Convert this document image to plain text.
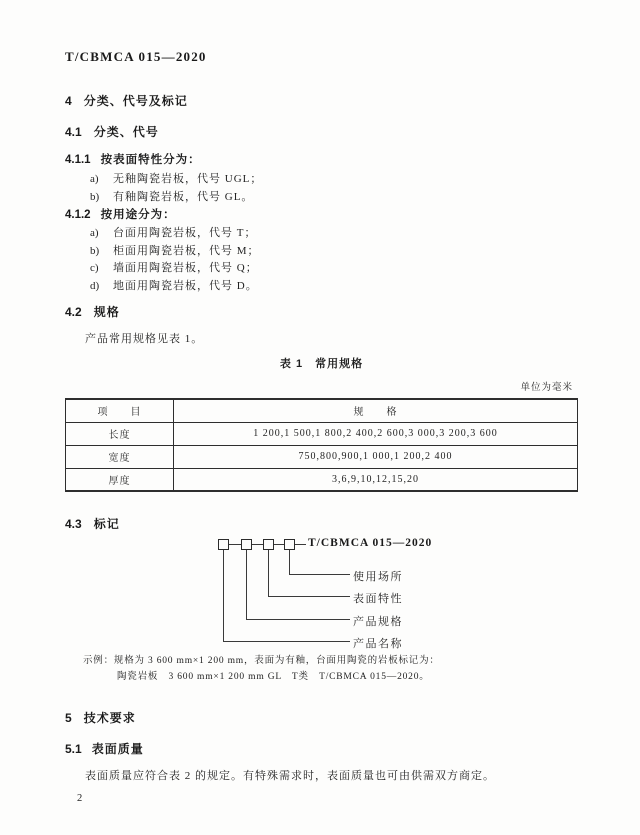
T/CBMCA 015—2020
4 分类、代号及标记
4.1 分类、代号
4.1.1 按表面特性分为：
a) 无釉陶瓷岩板，代号 UGL；
b) 有釉陶瓷岩板，代号 GL。
4.1.2 按用途分为：
a) 台面用陶瓷岩板，代号 T；
b) 柜面用陶瓷岩板，代号 M；
c) 墙面用陶瓷岩板，代号 Q；
d) 地面用陶瓷岩板，代号 D。
4.2 规格
产品常用规格见表 1。
表 1　常用规格
单位为毫米
项　　目	规　　格
长度	1 200,1 500,1 800,2 400,2 600,3 000,3 200,3 600
宽度	750,800,900,1 000,1 200,2 400
厚度	3,6,9,10,12,15,20
4.3 标记
T/CBMCA 015—2020
使用场所
表面特性
产品规格
产品名称
示例：规格为 3 600 mm×1 200 mm，表面为有釉，台面用陶瓷的岩板标记为：
陶瓷岩板　3 600 mm×1 200 mm GL　T类　T/CBMCA 015—2020。
5 技术要求
5.1 表面质量
表面质量应符合表 2 的规定。有特殊需求时，表面质量也可由供需双方商定。
2
